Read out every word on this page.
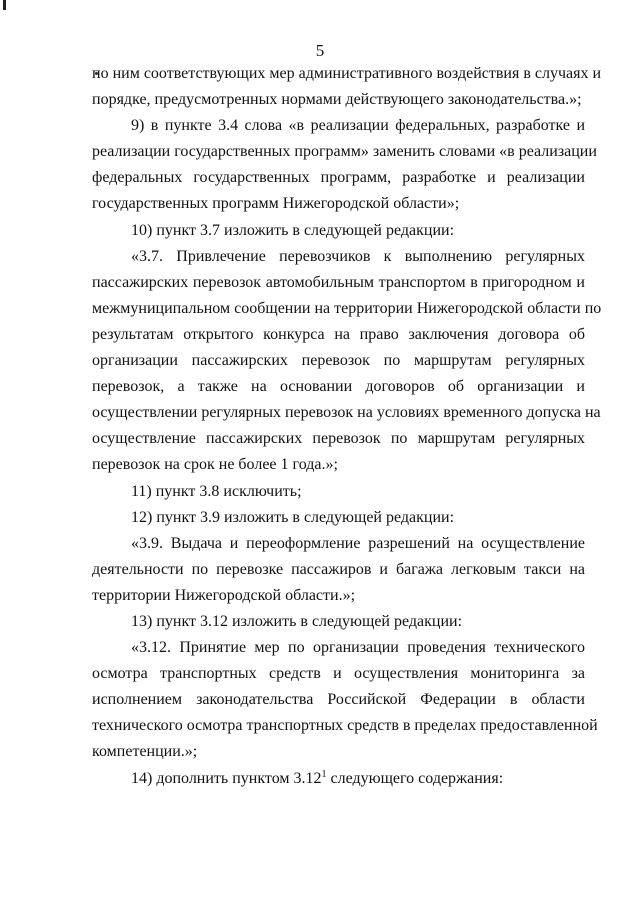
5

по ним соответствующих мер административного воздействия в случаях и
порядке, предусмотренных нормами действующего законодательства.»;

9) в пункте 3.4 слова «в реализации федеральных, разработке и
реализации государственных программ» заменить словами «в реализации
федеральных государственных программ, разработке и реализации
государственных программ Нижегородской области»;

10) пункт 3.7 изложить в следующей редакции:

«3.7. Привлечение перевозчиков к выполнению регулярных
пассажирских перевозок автомобильным транспортом в пригородном и
межмуниципальном сообщении на территории Нижегородской области по
результатам открытого конкурса на право заключения договора об
организации пассажирских перевозок по маршрутам регулярных
перевозок, а также на основании договоров об организации и
осуществлении регулярных перевозок на условиях временного допуска на
осуществление пассажирских перевозок по маршрутам регулярных
перевозок на срок не более 1 года.»;

11) пункт 3.8 исключить;

12) пункт 3.9 изложить в следующей редакции:

«3.9. Выдача и переоформление разрешений на осуществление
деятельности по перевозке пассажиров и багажа легковым такси на
территории Нижегородской области.»;

13) пункт 3.12 изложить в следующей редакции:

«3.12. Принятие мер по организации проведения технического
осмотра транспортных средств и осуществления мониторинга за
исполнением законодательства Российской Федерации в области
технического осмотра транспортных средств в пределах предоставленной
компетенции.»;

14) дополнить пунктом 3.12$^1$ следующего содержания:
